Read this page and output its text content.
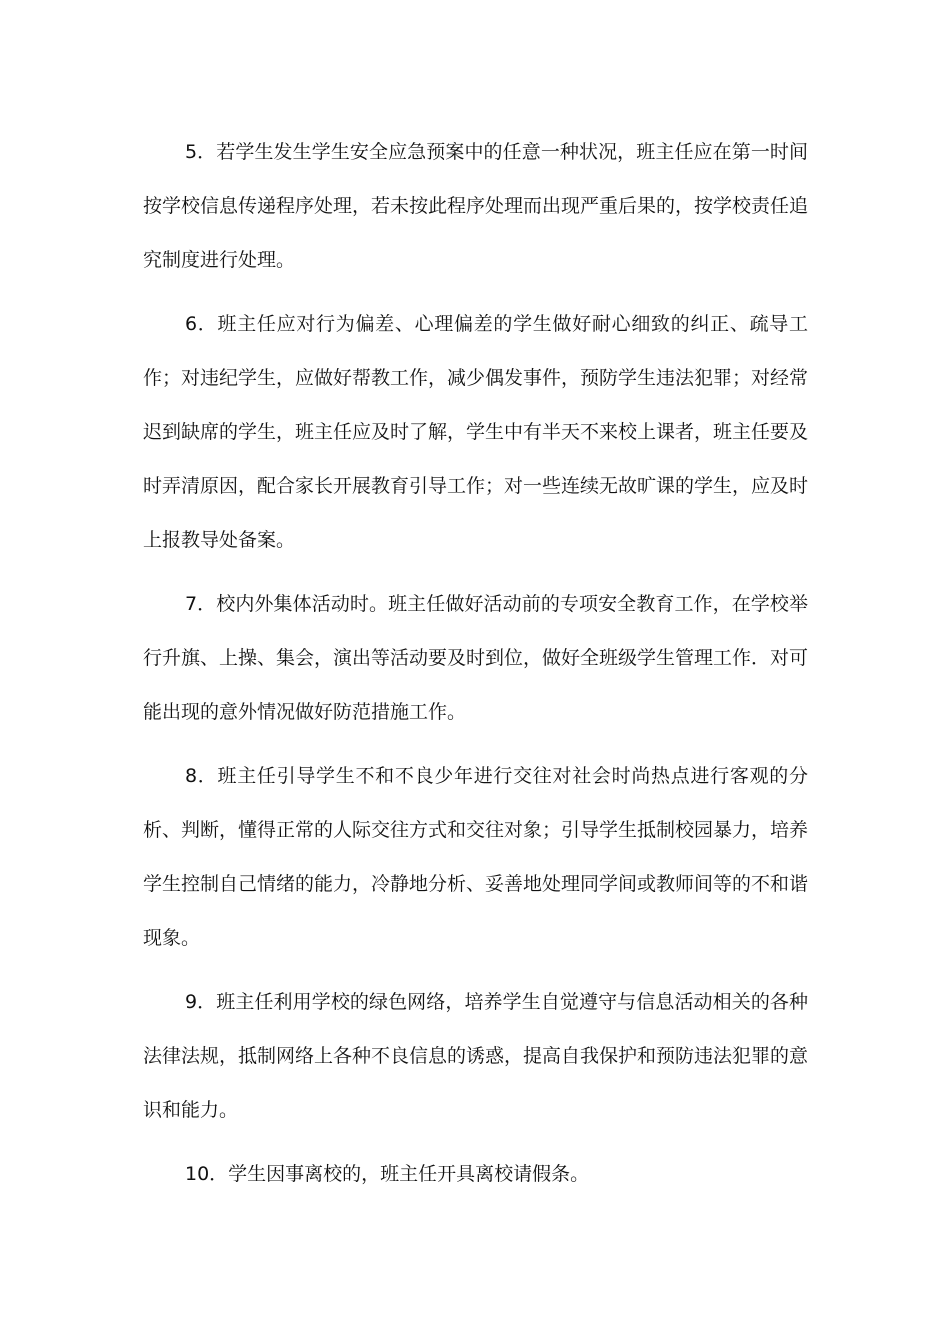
5．若学生发生学生安全应急预案中的任意一种状况，班主任应在第一时间按学校信息传递程序处理，若未按此程序处理而出现严重后果的，按学校责任追究制度进行处理。

6．班主任应对行为偏差、心理偏差的学生做好耐心细致的纠正、疏导工作；对违纪学生，应做好帮教工作，减少偶发事件，预防学生违法犯罪；对经常迟到缺席的学生，班主任应及时了解，学生中有半天不来校上课者，班主任要及时弄清原因，配合家长开展教育引导工作；对一些连续无故旷课的学生，应及时上报教导处备案。

7．校内外集体活动时。班主任做好活动前的专项安全教育工作，在学校举行升旗、上操、集会，演出等活动要及时到位，做好全班级学生管理工作．对可能出现的意外情况做好防范措施工作。

8．班主任引导学生不和不良少年进行交往对社会时尚热点进行客观的分析、判断，懂得正常的人际交往方式和交往对象；引导学生抵制校园暴力，培养学生控制自己情绪的能力，冷静地分析、妥善地处理同学间或教师间等的不和谐现象。

9．班主任利用学校的绿色网络，培养学生自觉遵守与信息活动相关的各种法律法规，抵制网络上各种不良信息的诱惑，提高自我保护和预防违法犯罪的意识和能力。

10．学生因事离校的，班主任开具离校请假条。
